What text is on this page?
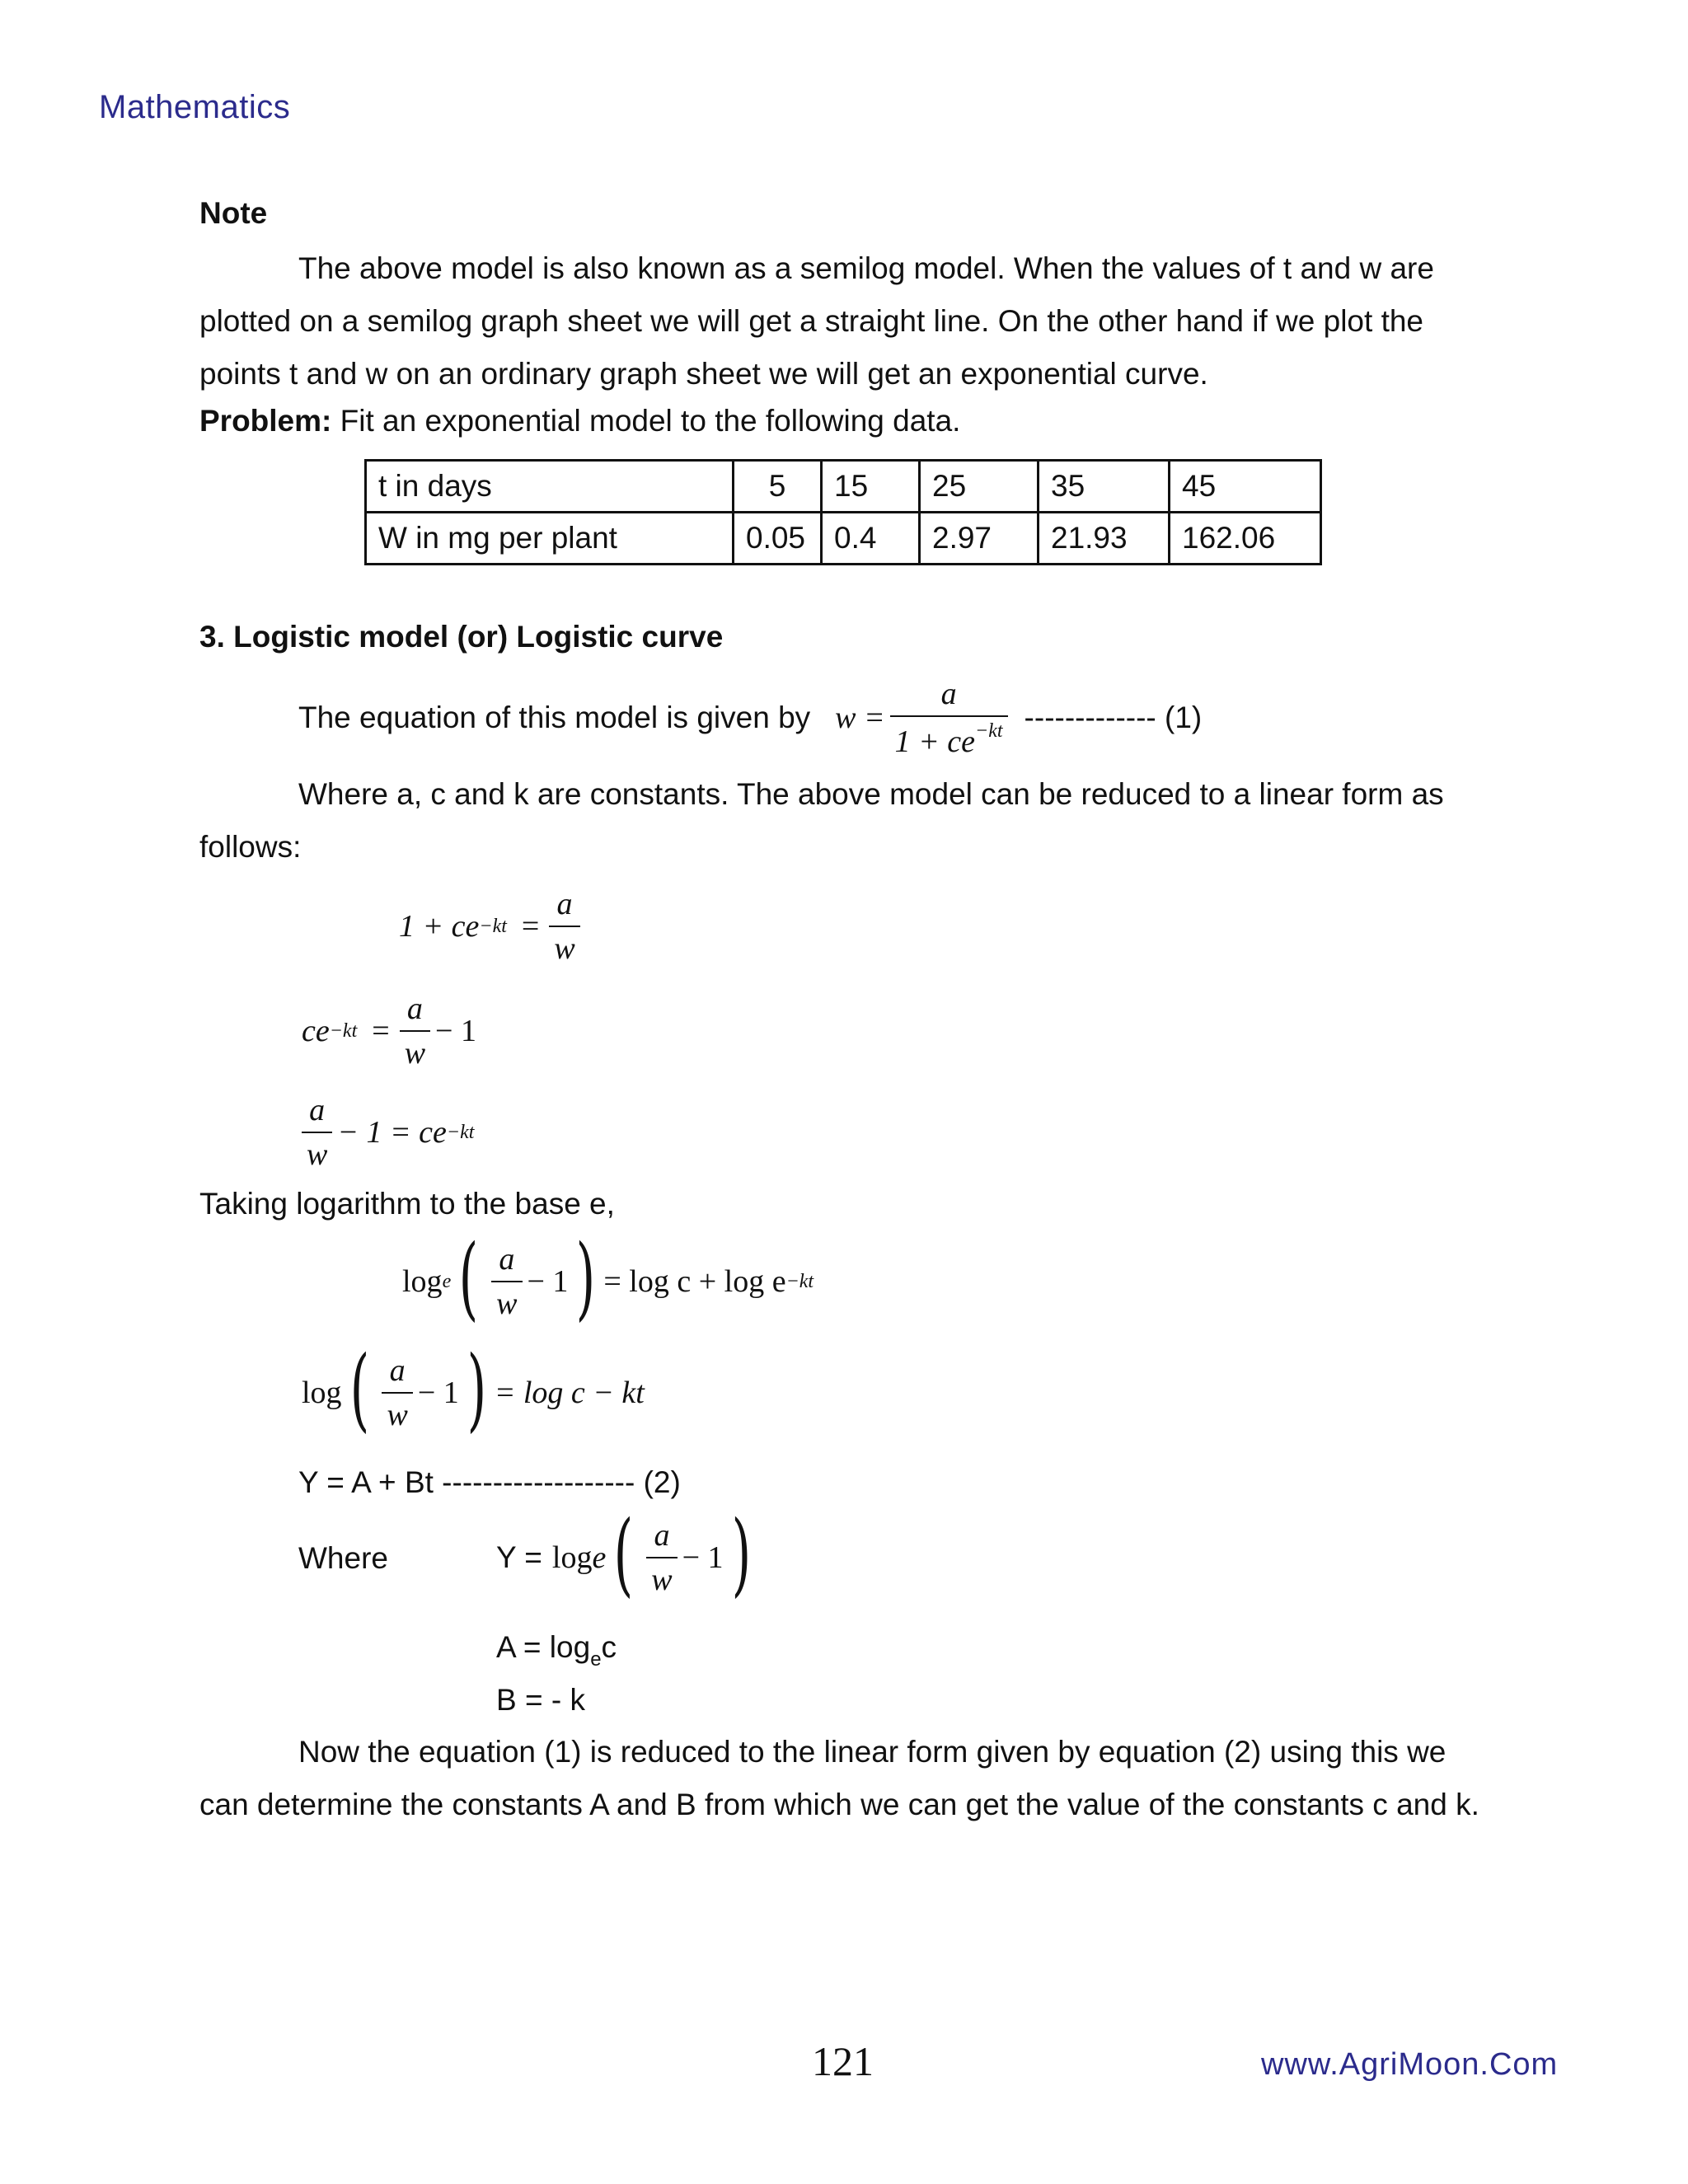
Mathematics
Note
The above model is also known as a semilog model. When the values of t and w are
plotted on a semilog graph sheet we will get a straight line. On the other hand if we plot the
points t and w on an ordinary graph sheet we will get an exponential curve.
Problem: Fit an exponential model to the following data.
t in days	5	15	25	35	45
W in mg per plant	0.05	0.4	2.97	21.93	162.06
3. Logistic model (or) Logistic curve
The equation of this model is given by $w = \frac{a}{1 + ce^{-kt}}$ ------------- (1)
Where a, c and k are constants. The above model can be reduced to a linear form as
follows:
1 + ce $-kt = \frac{a}{w}$
ce $-kt = \frac{a}{w} - 1$
$\frac{a}{w} - 1$ = ce −kt
Taking logarithm to the base e,
log e ( $\frac{a}{w} - 1$ ) = log c + log e −kt
log ( $\frac{a}{w} - 1$ ) = log c − kt
Y = A + Bt ------------------- (2)
Where	Y = log e ( $\frac{a}{w} - 1$ )
$A = \log_ec$
B = - k
Now the equation (1) is reduced to the linear form given by equation (2) using this we
can determine the constants A and B from which we can get the value of the constants c and k.
121	www.AgriMoon.Com
